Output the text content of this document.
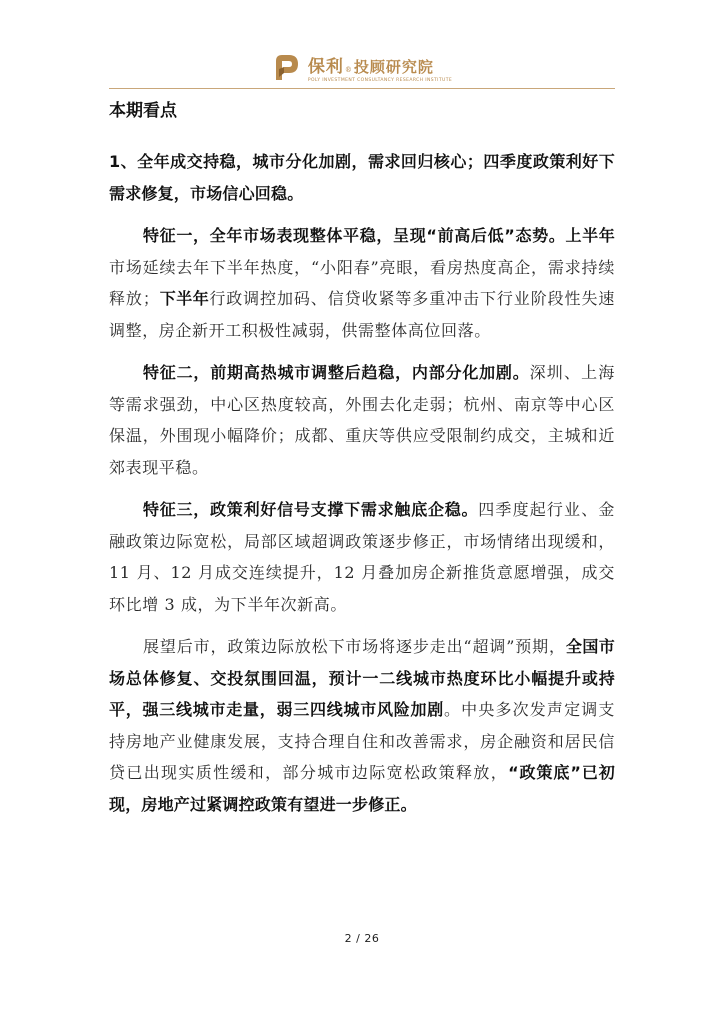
保利 ® 投顾研究院
POLY INVESTMENT CONSULTANCY RESEARCH INSTITUTE
本期看点

1、全年成交持稳，城市分化加剧，需求回归核心；四季度政策利好下需求修复，市场信心回稳。

特征一，全年市场表现整体平稳，呈现“前高后低”态势。上半年市场延续去年下半年热度，“小阳春”亮眼，看房热度高企，需求持续释放；下半年行政调控加码、信贷收紧等多重冲击下行业阶段性失速调整，房企新开工积极性减弱，供需整体高位回落。

特征二，前期高热城市调整后趋稳，内部分化加剧。深圳、上海等需求强劲，中心区热度较高，外围去化走弱；杭州、南京等中心区保温，外围现小幅降价；成都、重庆等供应受限制约成交，主城和近郊表现平稳。

特征三，政策利好信号支撑下需求触底企稳。四季度起行业、金融政策边际宽松，局部区域超调政策逐步修正，市场情绪出现缓和，11 月、12 月成交连续提升，12 月叠加房企新推货意愿增强，成交环比增 3 成，为下半年次新高。

展望后市，政策边际放松下市场将逐步走出“超调”预期，全国市场总体修复、交投氛围回温，预计一二线城市热度环比小幅提升或持平，强三线城市走量，弱三四线城市风险加剧。中央多次发声定调支持房地产业健康发展，支持合理自住和改善需求，房企融资和居民信贷已出现实质性缓和，部分城市边际宽松政策释放，“政策底”已初现，房地产过紧调控政策有望进一步修正。

2 / 26
